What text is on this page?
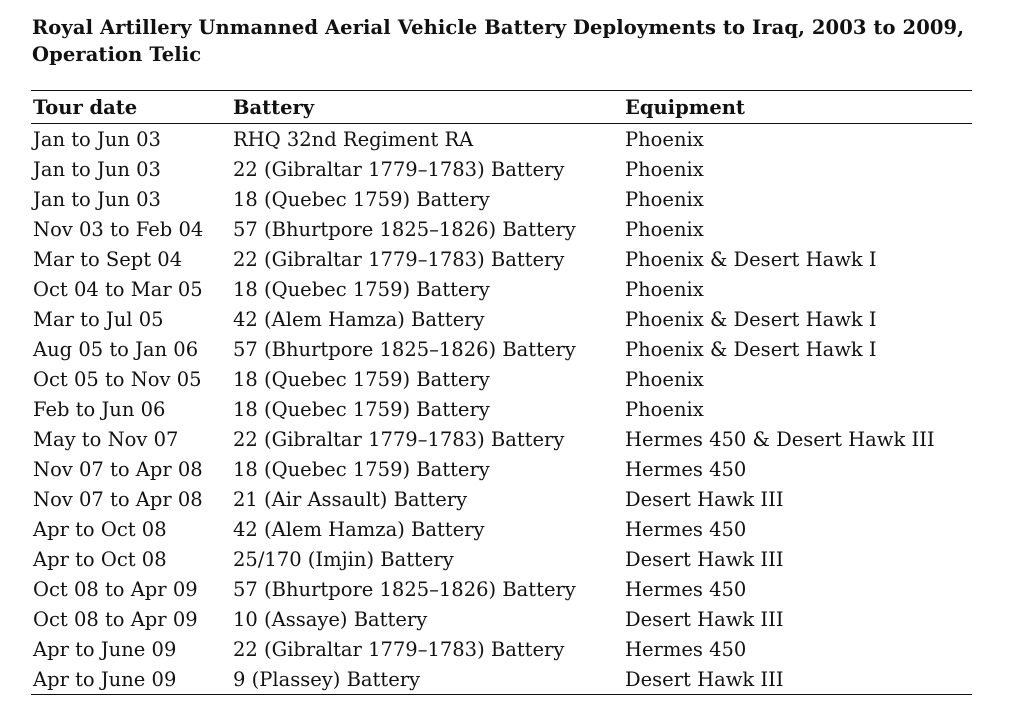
Royal Artillery Unmanned Aerial Vehicle Battery Deployments to Iraq, 2003 to 2009, Operation Telic
Tour date	Battery	Equipment
Jan to Jun 03	RHQ 32nd Regiment RA	Phoenix
Jan to Jun 03	22 (Gibraltar 1779–1783) Battery	Phoenix
Jan to Jun 03	18 (Quebec 1759) Battery	Phoenix
Nov 03 to Feb 04	57 (Bhurtpore 1825–1826) Battery	Phoenix
Mar to Sept 04	22 (Gibraltar 1779–1783) Battery	Phoenix & Desert Hawk I
Oct 04 to Mar 05	18 (Quebec 1759) Battery	Phoenix
Mar to Jul 05	42 (Alem Hamza) Battery	Phoenix & Desert Hawk I
Aug 05 to Jan 06	57 (Bhurtpore 1825–1826) Battery	Phoenix & Desert Hawk I
Oct 05 to Nov 05	18 (Quebec 1759) Battery	Phoenix
Feb to Jun 06	18 (Quebec 1759) Battery	Phoenix
May to Nov 07	22 (Gibraltar 1779–1783) Battery	Hermes 450 & Desert Hawk III
Nov 07 to Apr 08	18 (Quebec 1759) Battery	Hermes 450
Nov 07 to Apr 08	21 (Air Assault) Battery	Desert Hawk III
Apr to Oct 08	42 (Alem Hamza) Battery	Hermes 450
Apr to Oct 08	25/170 (Imjin) Battery	Desert Hawk III
Oct 08 to Apr 09	57 (Bhurtpore 1825–1826) Battery	Hermes 450
Oct 08 to Apr 09	10 (Assaye) Battery	Desert Hawk III
Apr to June 09	22 (Gibraltar 1779–1783) Battery	Hermes 450
Apr to June 09	9 (Plassey) Battery	Desert Hawk III
